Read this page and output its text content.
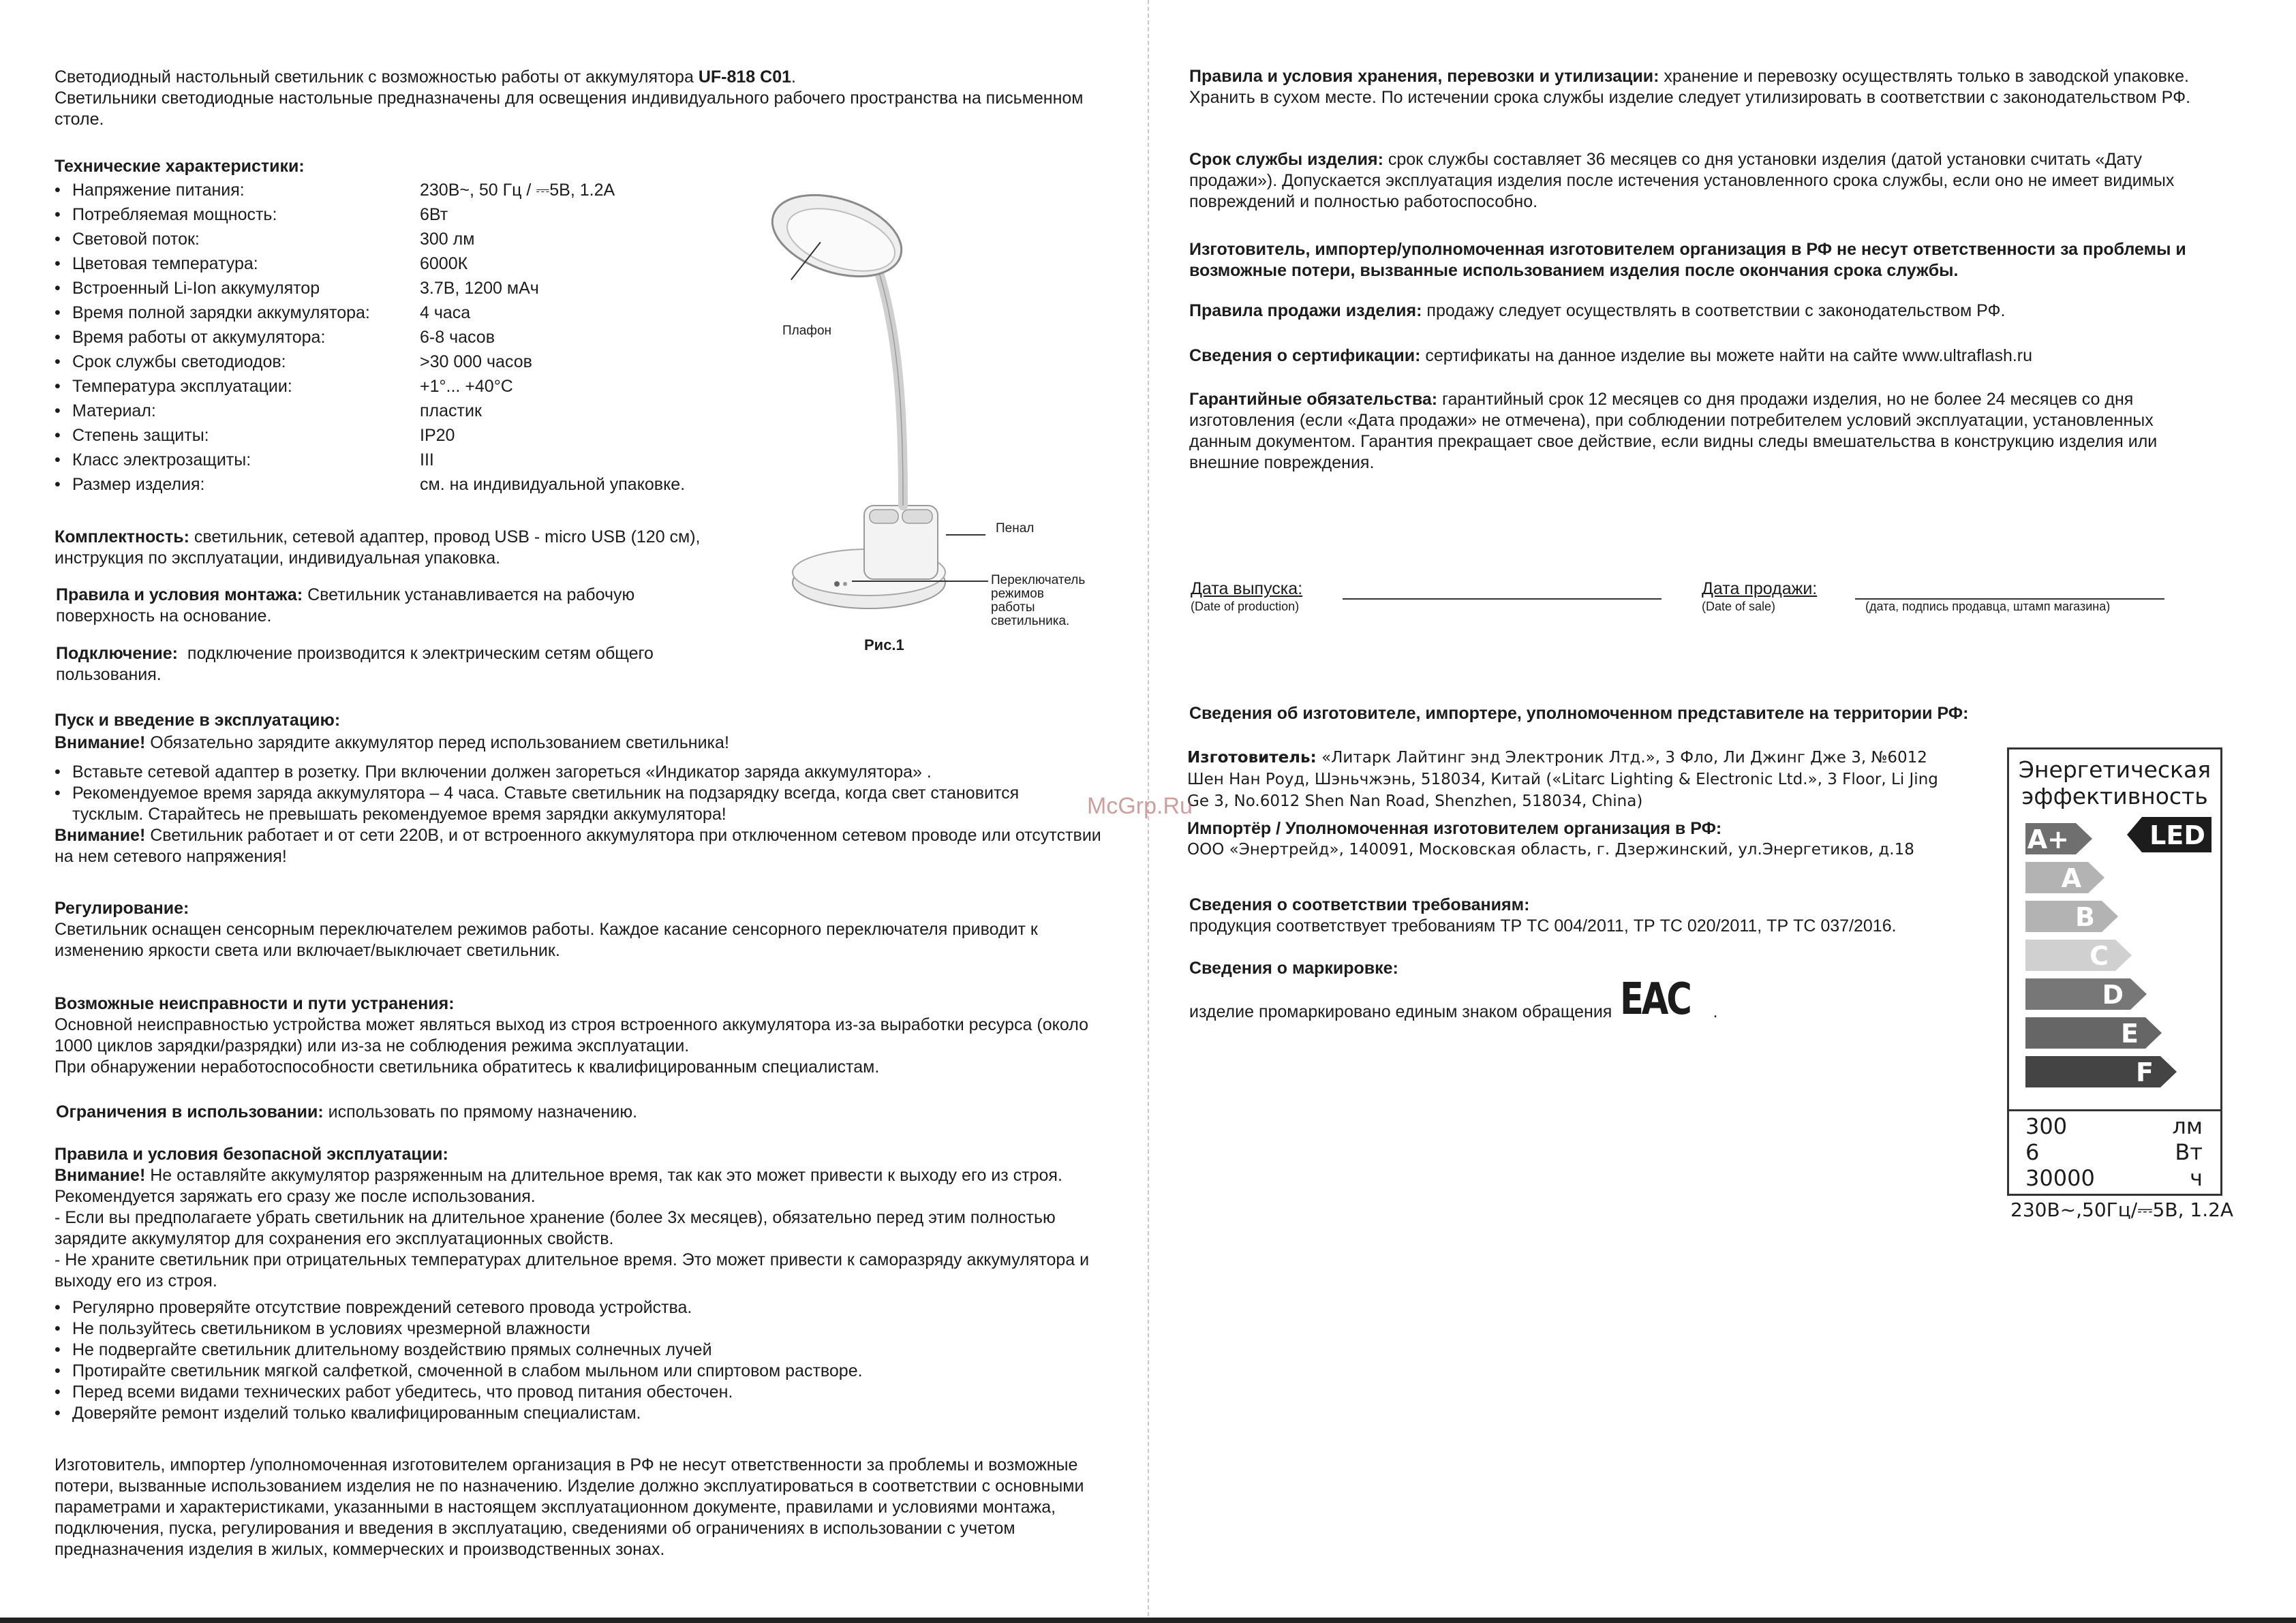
Светодиодный настольный светильник с возможностью работы от аккумулятора UF-818 C01.

Светильники светодиодные настольные предназначены для освещения индивидуального рабочего пространства на письменном столе.

Технические характеристики:

• Напряжение питания:	230В~, 50 Гц / ⎓5В, 1.2А
• Потребляемая мощность:	6Вт
• Световой поток:	300 лм
• Цветовая температура:	6000К
• Встроенный Li-Ion аккумулятор	3.7В, 1200 мАч
• Время полной зарядки аккумулятора:	4 часа
• Время работы от аккумулятора:	6-8 часов
• Срок службы светодиодов:	>30 000 часов
• Температура эксплуатации:	+1°... +40°С
• Материал:	пластик
• Степень защиты:	IP20
• Класс электрозащиты:	III
• Размер изделия:	см. на индивидуальной упаковке.

Комплектность: светильник, сетевой адаптер, провод USB - micro USB (120 см), инструкция по эксплуатации, индивидуальная упаковка.

Правила и условия монтажа: Светильник устанавливается на рабочую поверхность на основание.

Подключение: подключение производится к электрическим сетям общего пользования.

Плафон
Пенал
Переключатель
режимов
работы
светильника.
Рис.1

Пуск и введение в эксплуатацию:

Внимание! Обязательно зарядите аккумулятор перед использованием светильника!

• Вставьте сетевой адаптер в розетку. При включении должен загореться «Индикатор заряда аккумулятора» .
• Рекомендуемое время заряда аккумулятора – 4 часа. Ставьте светильник на подзарядку всегда, когда свет становится тусклым. Старайтесь не превышать рекомендуемое время зарядки аккумулятора!

Внимание! Светильник работает и от сети 220В, и от встроенного аккумулятора при отключенном сетевом проводе или отсутствии на нем сетевого напряжения!

Регулирование:

Светильник оснащен сенсорным переключателем режимов работы. Каждое касание сенсорного переключателя приводит к изменению яркости света или включает/выключает светильник.

Возможные неисправности и пути устранения:

Основной неисправностью устройства может являться выход из строя встроенного аккумулятора из-за выработки ресурса (около 1000 циклов зарядки/разрядки) или из-за не соблюдения режима эксплуатации.

При обнаружении неработоспособности светильника обратитесь к квалифицированным специалистам.

Ограничения в использовании: использовать по прямому назначению.

Правила и условия безопасной эксплуатации:

Внимание! Не оставляйте аккумулятор разряженным на длительное время, так как это может привести к выходу его из строя. Рекомендуется заряжать его сразу же после использования.

- Если вы предполагаете убрать светильник на длительное хранение (более 3х месяцев), обязательно перед этим полностью зарядите аккумулятор для сохранения его эксплуатационных свойств.

- Не храните светильник при отрицательных температурах длительное время. Это может привести к саморазряду аккумулятора и выходу его из строя.

• Регулярно проверяйте отсутствие повреждений сетевого провода устройства.
• Не пользуйтесь светильником в условиях чрезмерной влажности
• Не подвергайте светильник длительному воздействию прямых солнечных лучей
• Протирайте светильник мягкой салфеткой, смоченной в слабом мыльном или спиртовом растворе.
• Перед всеми видами технических работ убедитесь, что провод питания обесточен.
• Доверяйте ремонт изделий только квалифицированным специалистам.
Изготовитель, импортер /уполномоченная изготовителем организация в РФ не несут ответственности за проблемы и возможные потери, вызванные использованием изделия не по назначению. Изделие должно эксплуатироваться в соответствии с основными параметрами и характеристиками, указанными в настоящем эксплуатационном документе, правилами и условиями монтажа, подключения, пуска, регулирования и введения в эксплуатацию, сведениями об ограничениях в использовании с учетом предназначения изделия в жилых, коммерческих и производственных зонах.

Правила и условия хранения, перевозки и утилизации: хранение и перевозку осуществлять только в заводской упаковке. Хранить в сухом месте. По истечении срока службы изделие следует утилизировать в соответствии с законодательством РФ.

Срок службы изделия: срок службы составляет 36 месяцев со дня установки изделия (датой установки считать «Дату продажи»). Допускается эксплуатация изделия после истечения установленного срока службы, если оно не имеет видимых повреждений и полностью работоспособно.

Изготовитель, импортер/уполномоченная изготовителем организация в РФ не несут ответственности за проблемы и возможные потери, вызванные использованием изделия после окончания срока службы.

Правила продажи изделия: продажу следует осуществлять в соответствии с законодательством РФ.

Сведения о сертификации: сертификаты на данное изделие вы можете найти на сайте www.ultraflash.ru

Гарантийные обязательства: гарантийный срок 12 месяцев со дня продажи изделия, но не более 24 месяцев со дня изготовления (если «Дата продажи» не отмечена), при соблюдении потребителем условий эксплуатации, установленных данным документом. Гарантия прекращает свое действие, если видны следы вмешательства в конструкцию изделия или внешние повреждения.

Дата выпуска:
(Date of production)
Дата продажи:
(Date of sale)	(дата, подпись продавца, штамп магазина)
Сведения об изготовителе, импортере, уполномоченном представителе на территории РФ:
Изготовитель: «Литарк Лайтинг энд Электроник Лтд.», 3 Фло, Ли Джинг Дже 3, №6012 Шен Нан Роуд, Шэньчжэнь, 518034, Китай («Litarc Lighting & Electronic Ltd.», 3 Floor, Li Jing Ge 3, No.6012 Shen Nan Road, Shenzhen, 518034, China)
McGrp.Ru

Импортёр / Уполномоченная изготовителем организация в РФ:

ООО «Энертрейд», 140091, Московская область, г. Дзержинский, ул.Энергетиков, д.18

Сведения о соответствии требованиям:

продукция соответствует требованиям ТР ТС 004/2011, ТР ТС 020/2011, ТР ТС 037/2016.

Сведения о маркировке:

изделие промаркировано единым знаком обращения ЕАС .

Энергетическая
эффективность
A+
A
B
C
D
E
F
LED
300	лм
6	Вт
30000	ч
230В~,50Гц/⎓5В, 1.2А
